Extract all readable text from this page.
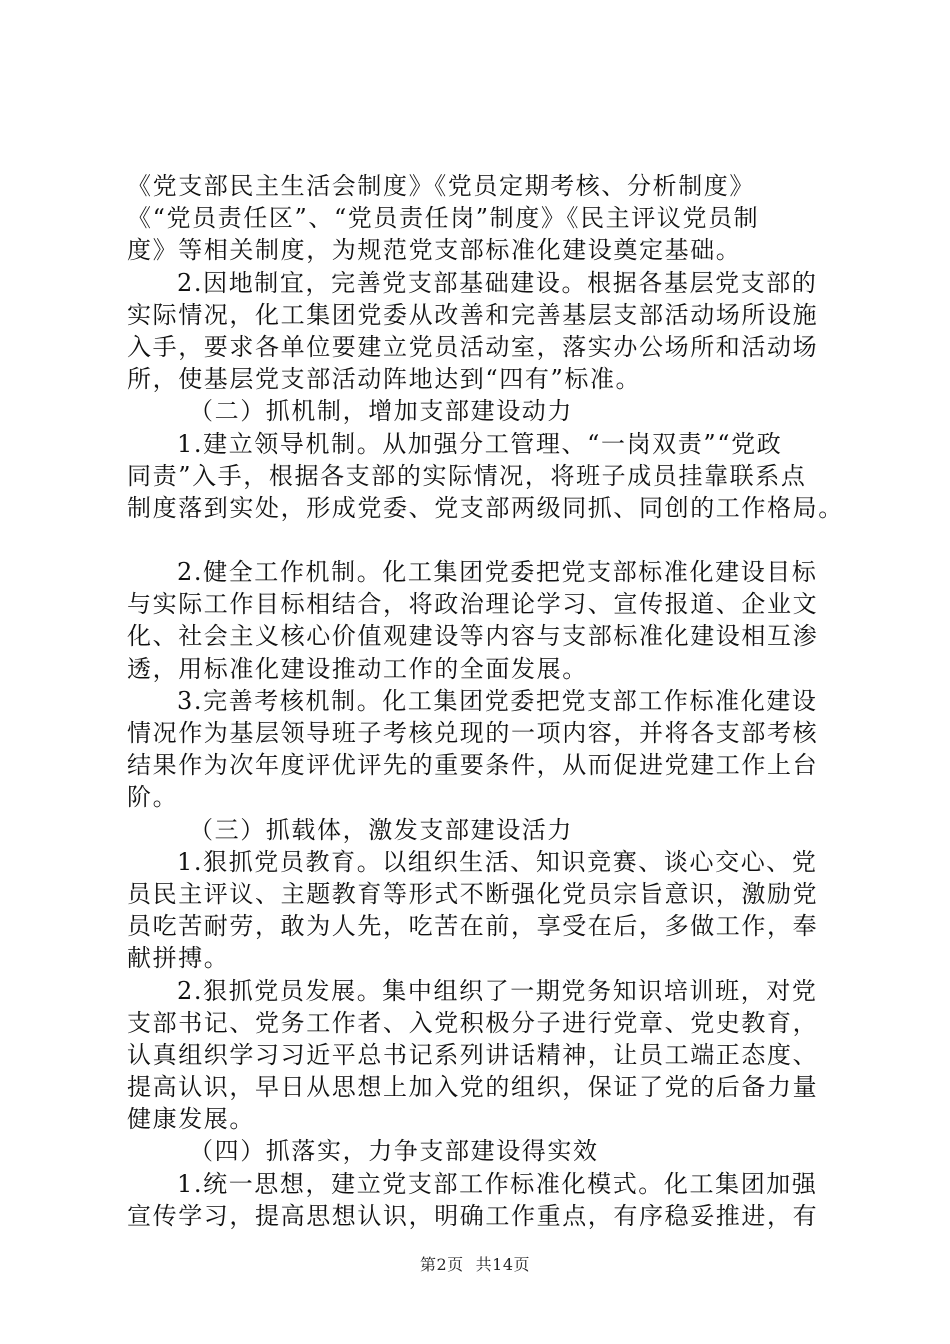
《党支部民主生活会制度》《党员定期考核、分析制度》
《“党员责任区”、“党员责任岗”制度》《民主评议党员制
度》等相关制度，为规范党支部标准化建设奠定基础。
2.因地制宜，完善党支部基础建设。根据各基层党支部的
实际情况，化工集团党委从改善和完善基层支部活动场所设施
入手，要求各单位要建立党员活动室，落实办公场所和活动场
所，使基层党支部活动阵地达到“四有”标准。
（二）抓机制，增加支部建设动力
1.建立领导机制。从加强分工管理、“一岗双责”“党政
同责”入手，根据各支部的实际情况，将班子成员挂靠联系点
制度落到实处，形成党委、党支部两级同抓、同创的工作格局。
2.健全工作机制。化工集团党委把党支部标准化建设目标
与实际工作目标相结合，将政治理论学习、宣传报道、企业文
化、社会主义核心价值观建设等内容与支部标准化建设相互渗
透，用标准化建设推动工作的全面发展。
3.完善考核机制。化工集团党委把党支部工作标准化建设
情况作为基层领导班子考核兑现的一项内容，并将各支部考核
结果作为次年度评优评先的重要条件，从而促进党建工作上台
阶。
（三）抓载体，激发支部建设活力
1.狠抓党员教育。以组织生活、知识竞赛、谈心交心、党
员民主评议、主题教育等形式不断强化党员宗旨意识，激励党
员吃苦耐劳，敢为人先，吃苦在前，享受在后，多做工作，奉
献拼搏。
2.狠抓党员发展。集中组织了一期党务知识培训班，对党
支部书记、党务工作者、入党积极分子进行党章、党史教育，
认真组织学习习近平总书记系列讲话精神，让员工端正态度、
提高认识，早日从思想上加入党的组织，保证了党的后备力量
健康发展。
（四）抓落实，力争支部建设得实效
1.统一思想，建立党支部工作标准化模式。化工集团加强
宣传学习，提高思想认识，明确工作重点，有序稳妥推进，有
第2页 共14页
